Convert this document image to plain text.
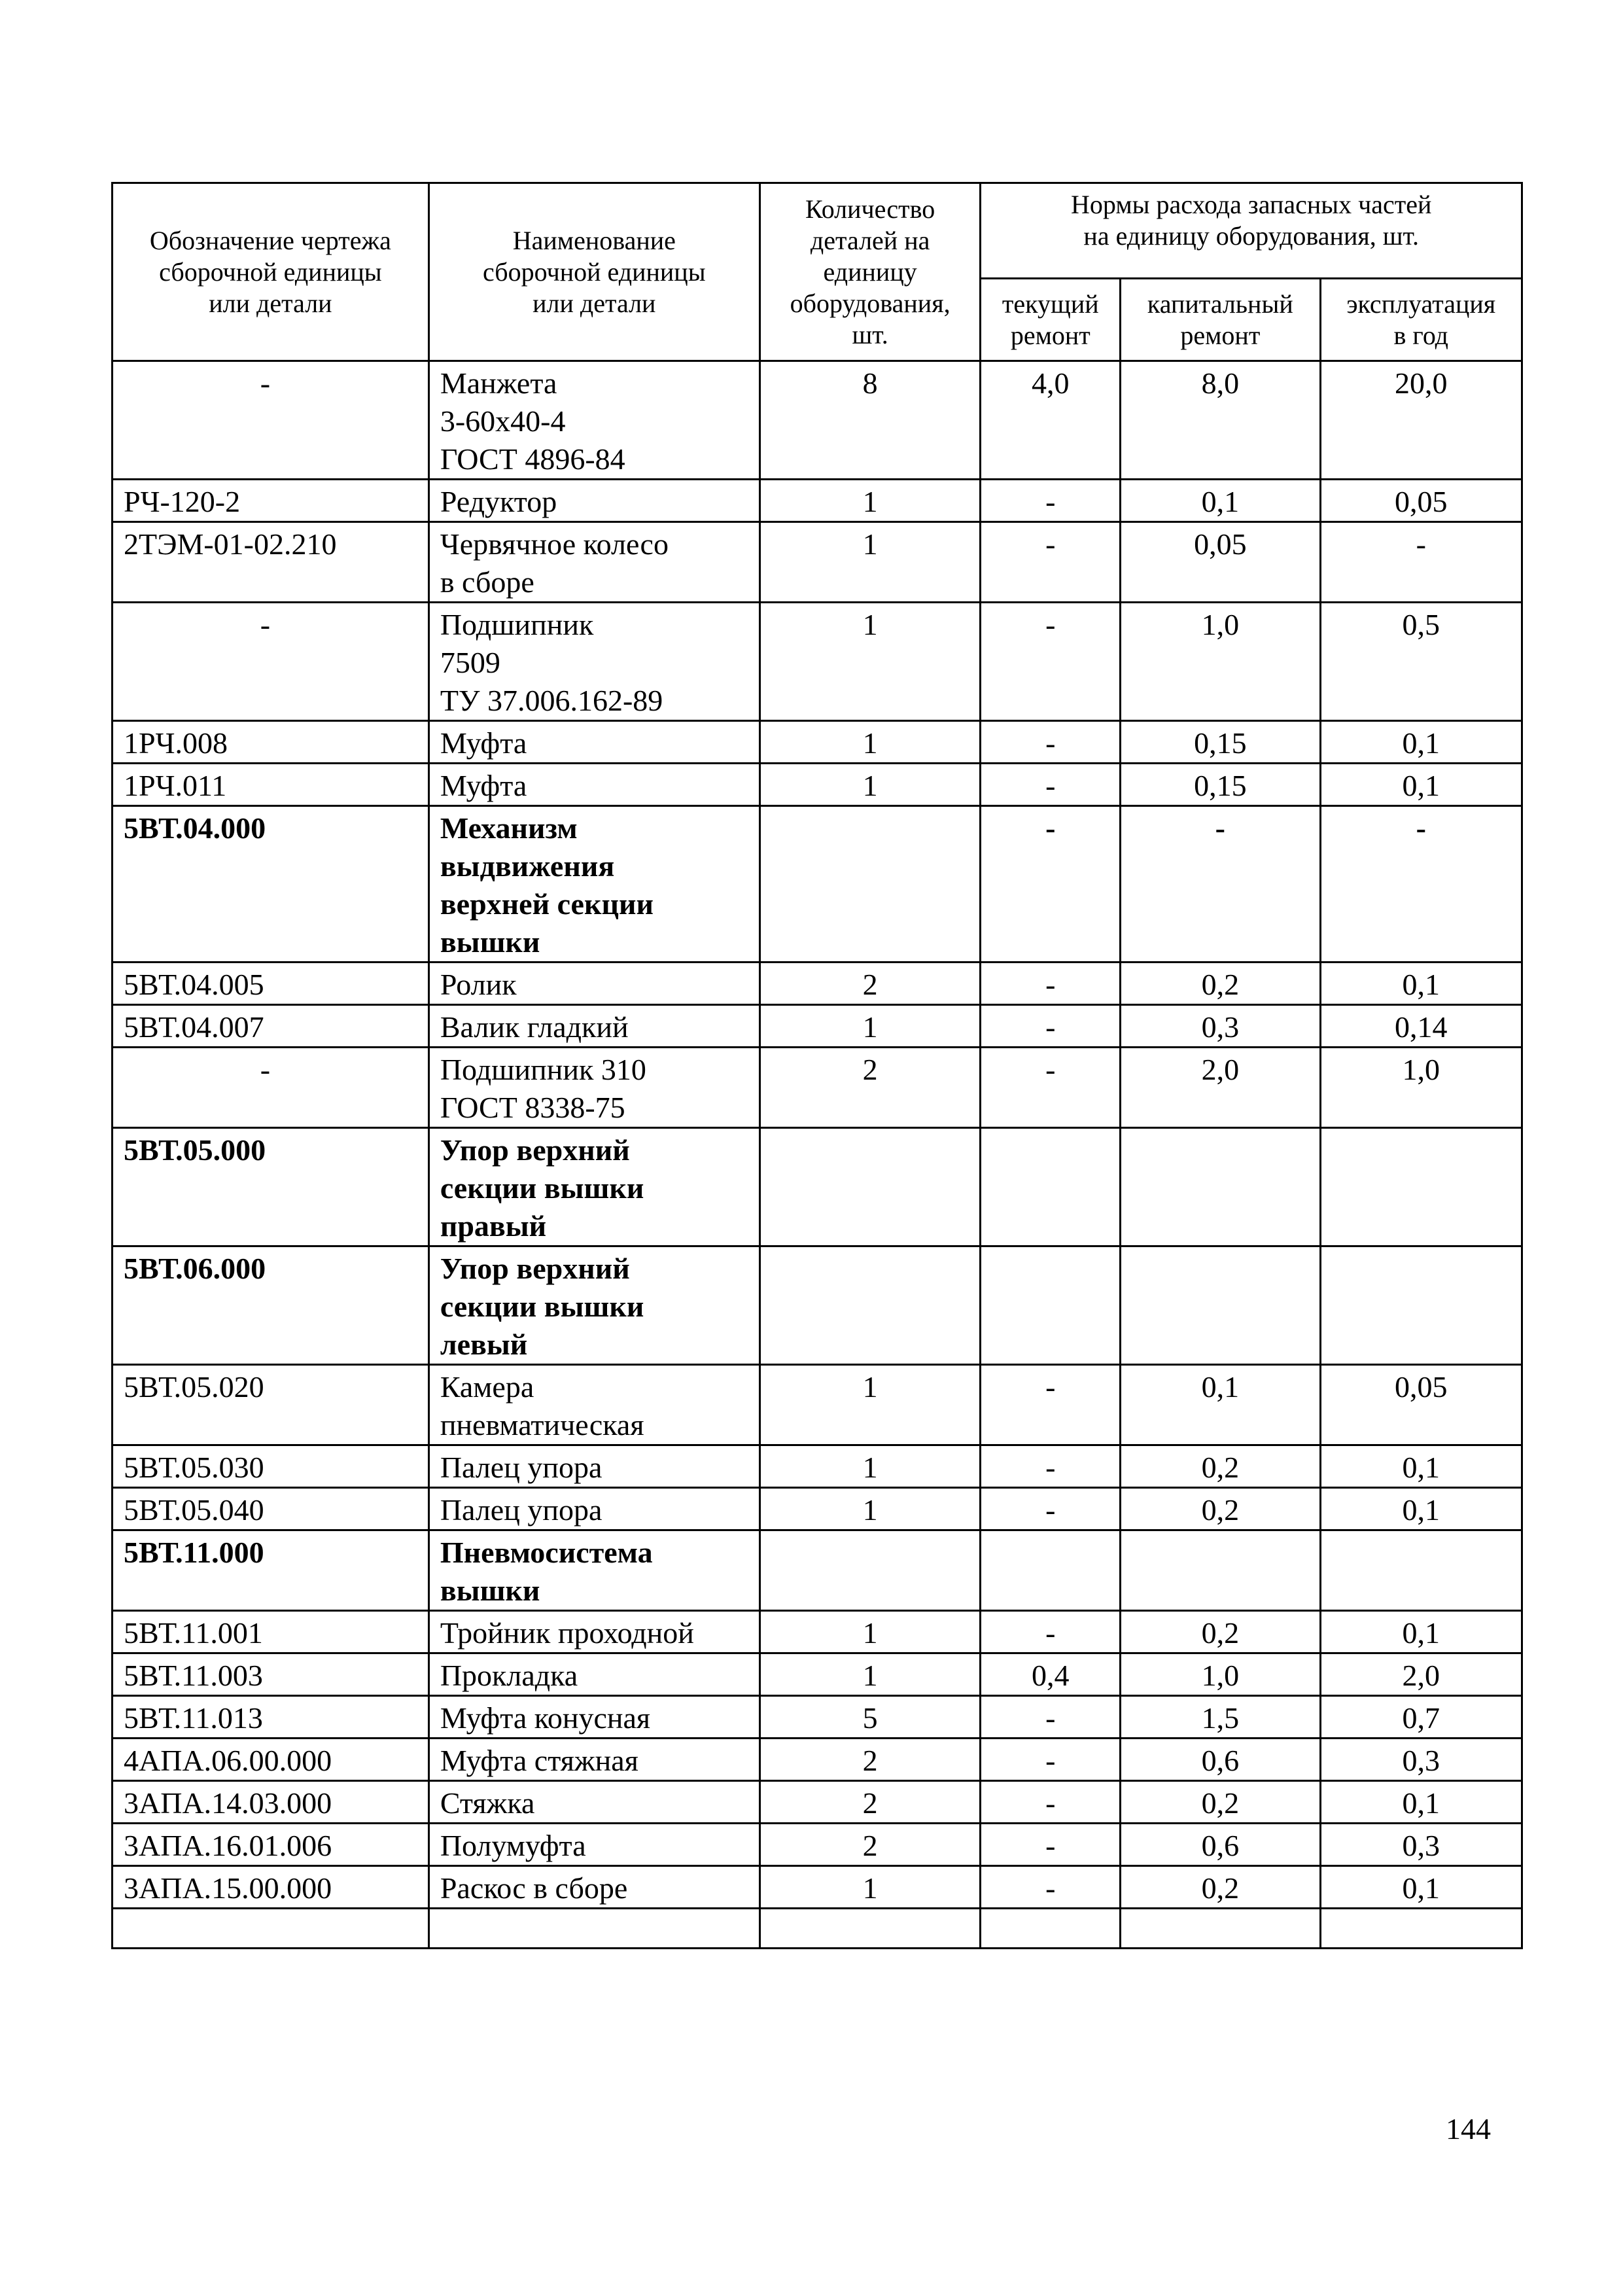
Обозначение чертежа
сборочной единицы
или детали	Наименование
сборочной единицы
или детали	Количество
деталей на
единицу
оборудования,
шт.	Нормы расхода запасных частей
на единицу оборудования, шт.		

			текущий
ремонт	капитальный
ремонт	эксплуатация
в год

-	Манжета
3-60х40-4
ГОСТ 4896-84	8	4,0	8,0	20,0

РЧ-120-2	Редуктор	1	-	0,1	0,05

2ТЭМ-01-02.210	Червячное колесо
в сборе	1	-	0,05	-

-	Подшипник
7509
ТУ 37.006.162-89	1	-	1,0	0,5

1РЧ.008	Муфта	1	-	0,15	0,1

1РЧ.011	Муфта	1	-	0,15	0,1

5ВТ.04.000	Механизм
выдвижения
верхней секции
вышки		-	-	-

5ВТ.04.005	Ролик	2	-	0,2	0,1

5ВТ.04.007	Валик гладкий	1	-	0,3	0,14

-	Подшипник 310
ГОСТ 8338-75	2	-	2,0	1,0

5ВТ.05.000	Упор верхний
секции вышки
правый				

5ВТ.06.000	Упор верхний
секции вышки
левый				

5ВТ.05.020	Камера
пневматическая	1	-	0,1	0,05

5ВТ.05.030	Палец упора	1	-	0,2	0,1

5ВТ.05.040	Палец упора	1	-	0,2	0,1

5ВТ.11.000	Пневмосистема
вышки				

5ВТ.11.001	Тройник проходной	1	-	0,2	0,1

5ВТ.11.003	Прокладка	1	0,4	1,0	2,0

5ВТ.11.013	Муфта конусная	5	-	1,5	0,7

4АПА.06.00.000	Муфта стяжная	2	-	0,6	0,3

3АПА.14.03.000	Стяжка	2	-	0,2	0,1

3АПА.16.01.006	Полумуфта	2	-	0,6	0,3

3АПА.15.00.000	Раскос в сборе	1	-	0,2	0,1

144
